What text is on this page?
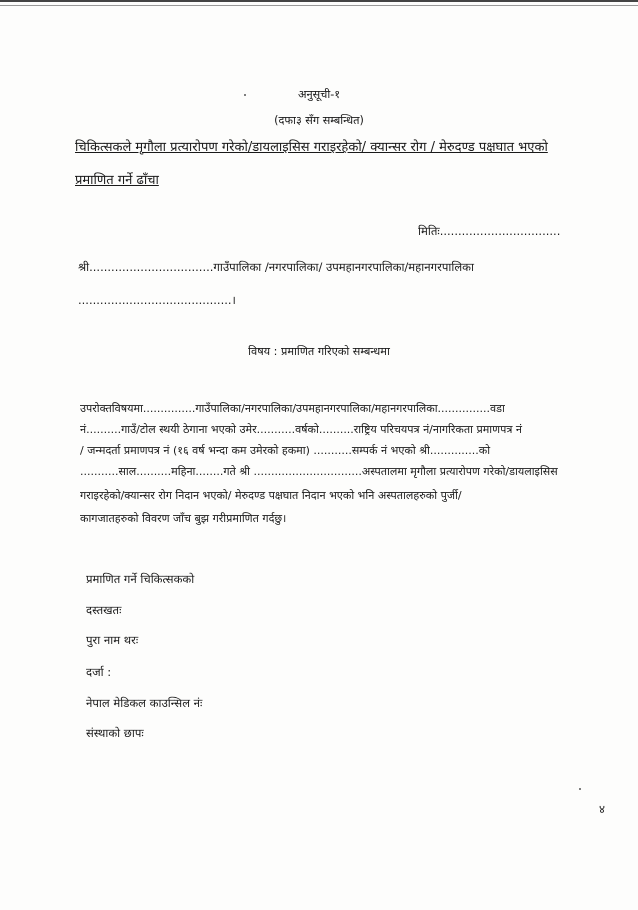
अनुसूची-१
(दफा३ सँग सम्बन्धित)
चिकित्सकले मृगौला प्रत्यारोपण गरेको/डायलाइसिस गराइरहेको/ क्यान्सर रोग / मेरुदण्ड पक्षघात भएको
प्रमाणित गर्ने ढाँचा
मितिः.................................
श्री..................................गाउँपालिका /नगरपालिका/ उपमहानगरपालिका/महानगरपालिका
..........................................।
विषय : प्रमाणित गरिएको सम्बन्धमा
उपरोक्तविषयमा...............गाउँपालिका/नगरपालिका/उपमहानगरपालिका/महानगरपालिका...............वडा
नं..........गाउँ/टोल स्थयी ठेगाना भएको उमेर...........वर्षको..........राष्ट्रिय परिचयपत्र नं/नागरिकता प्रमाणपत्र नं
/ जन्मदर्ता प्रमाणपत्र नं (१६ वर्ष भन्दा कम उमेरको हकमा) ...........सम्पर्क नं भएको श्री..............को
...........साल..........महिना........गते श्री ...............................अस्पतालमा मृगौला प्रत्यारोपण गरेको/डायलाइसिस
गराइरहेको/क्यान्सर रोग निदान भएको/ मेरुदण्ड पक्षघात निदान भएको भनि अस्पतालहरुको पुर्जी/
कागजातहरुको विवरण जाँच बुझ गरीप्रमाणित गर्दछु।
प्रमाणित गर्ने चिकित्सकको
दस्तखतः
पुरा नाम थरः
दर्जा :
नेपाल मेडिकल काउन्सिल नंः
संस्थाको छापः
४
